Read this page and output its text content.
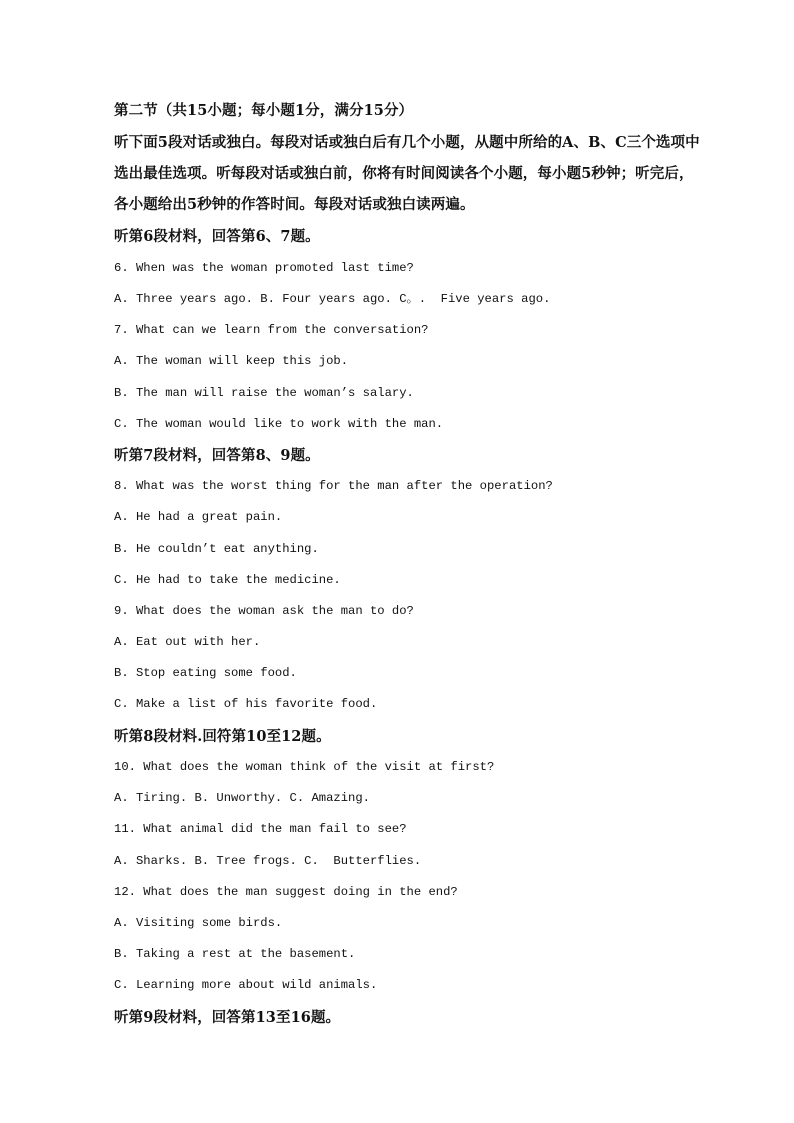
第二节（共15小题；每小题1分，满分15分）
听下面5段对话或独白。每段对话或独白后有几个小题，从题中所给的A、B、C三个选项中
选出最佳选项。听每段对话或独白前，你将有时间阅读各个小题，每小题5秒钟；听完后，
各小题给出5秒钟的作答时间。每段对话或独白读两遍。
听第6段材料，回答第6、7题。
6. When was the woman promoted last time?
A. Three years ago. B. Four years ago. C。.  Five years ago.
7. What can we learn from the conversation?
A. The woman will keep this job.
B. The man will raise the woman’s salary.
C. The woman would like to work with the man.
听第7段材料，回答第8、9题。
8. What was the worst thing for the man after the operation?
A. He had a great pain.
B. He couldn’t eat anything.
C. He had to take the medicine.
9. What does the woman ask the man to do?
A. Eat out with her.
B. Stop eating some food.
C. Make a list of his favorite food.
听第8段材料.回符第10至12题。
10. What does the woman think of the visit at first?
A. Tiring. B. Unworthy. C. Amazing.
11. What animal did the man fail to see?
A. Sharks. B. Tree frogs. C.  Butterflies.
12. What does the man suggest doing in the end?
A. Visiting some birds.
B. Taking a rest at the basement.
C. Learning more about wild animals.
听第9段材料，回答第13至16题。
